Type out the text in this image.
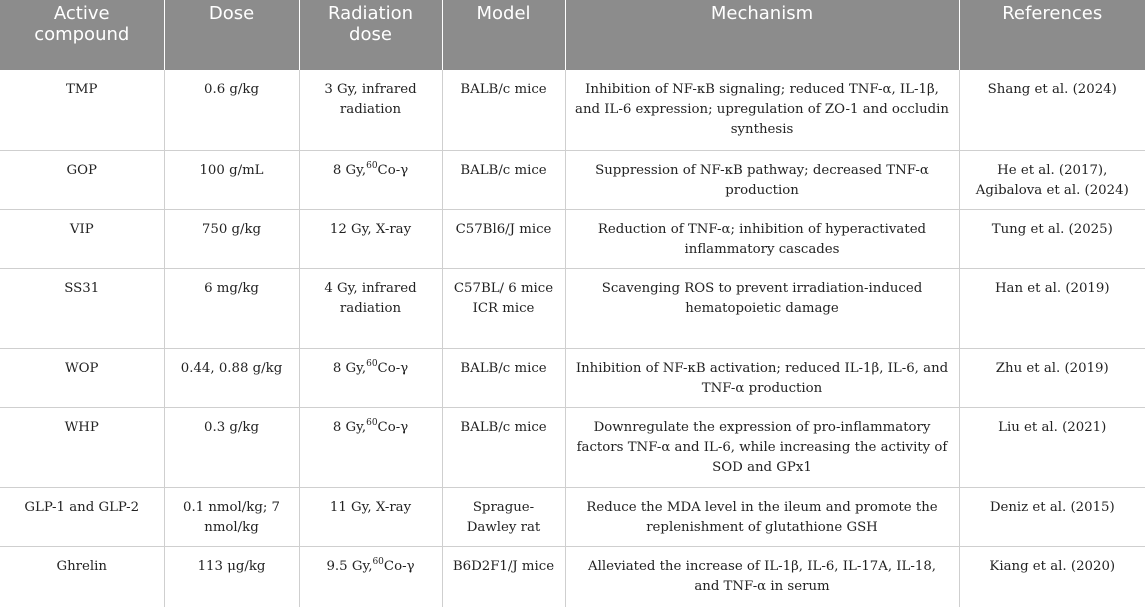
Active compound	Dose	Radiation dose	Model	Mechanism	References

TMP	0.6 g/kg	3 Gy, infrared radiation	BALB/c mice	Inhibition of NF-κB signaling; reduced TNF-α, IL-1β, and IL-6 expression; upregulation of ZO-1 and occludin synthesis	Shang et al. (2024)
GOP	100 g/mL	8 Gy,$^{60}$Co-γ	BALB/c mice	Suppression of NF-κB pathway; decreased TNF-α production	He et al. (2017), Agibalova et al. (2024)
VIP	750 g/kg	12 Gy, X-ray	C57Bl6/J mice	Reduction of TNF-α; inhibition of hyperactivated inflammatory cascades	Tung et al. (2025)
SS31	6 mg/kg	4 Gy, infrared radiation	C57BL/ 6 mice ICR mice	Scavenging ROS to prevent irradiation-induced hematopoietic damage	Han et al. (2019)
WOP	0.44, 0.88 g/kg	8 Gy,$^{60}$Co-γ	BALB/c mice	Inhibition of NF-κB activation; reduced IL-1β, IL-6, and TNF-α production	Zhu et al. (2019)
WHP	0.3 g/kg	8 Gy,$^{60}$Co-γ	BALB/c mice	Downregulate the expression of pro-inflammatory factors TNF-α and IL-6, while increasing the activity of SOD and GPx1	Liu et al. (2021)
GLP-1 and GLP-2	0.1 nmol/kg; 7 nmol/kg	11 Gy, X-ray	Sprague-Dawley rat	Reduce the MDA level in the ileum and promote the replenishment of glutathione GSH	Deniz et al. (2015)
Ghrelin	113 μg/kg	9.5 Gy,$^{60}$Co-γ	B6D2F1/J mice	Alleviated the increase of IL-1β, IL-6, IL-17A, IL-18, and TNF-α in serum	Kiang et al. (2020)
